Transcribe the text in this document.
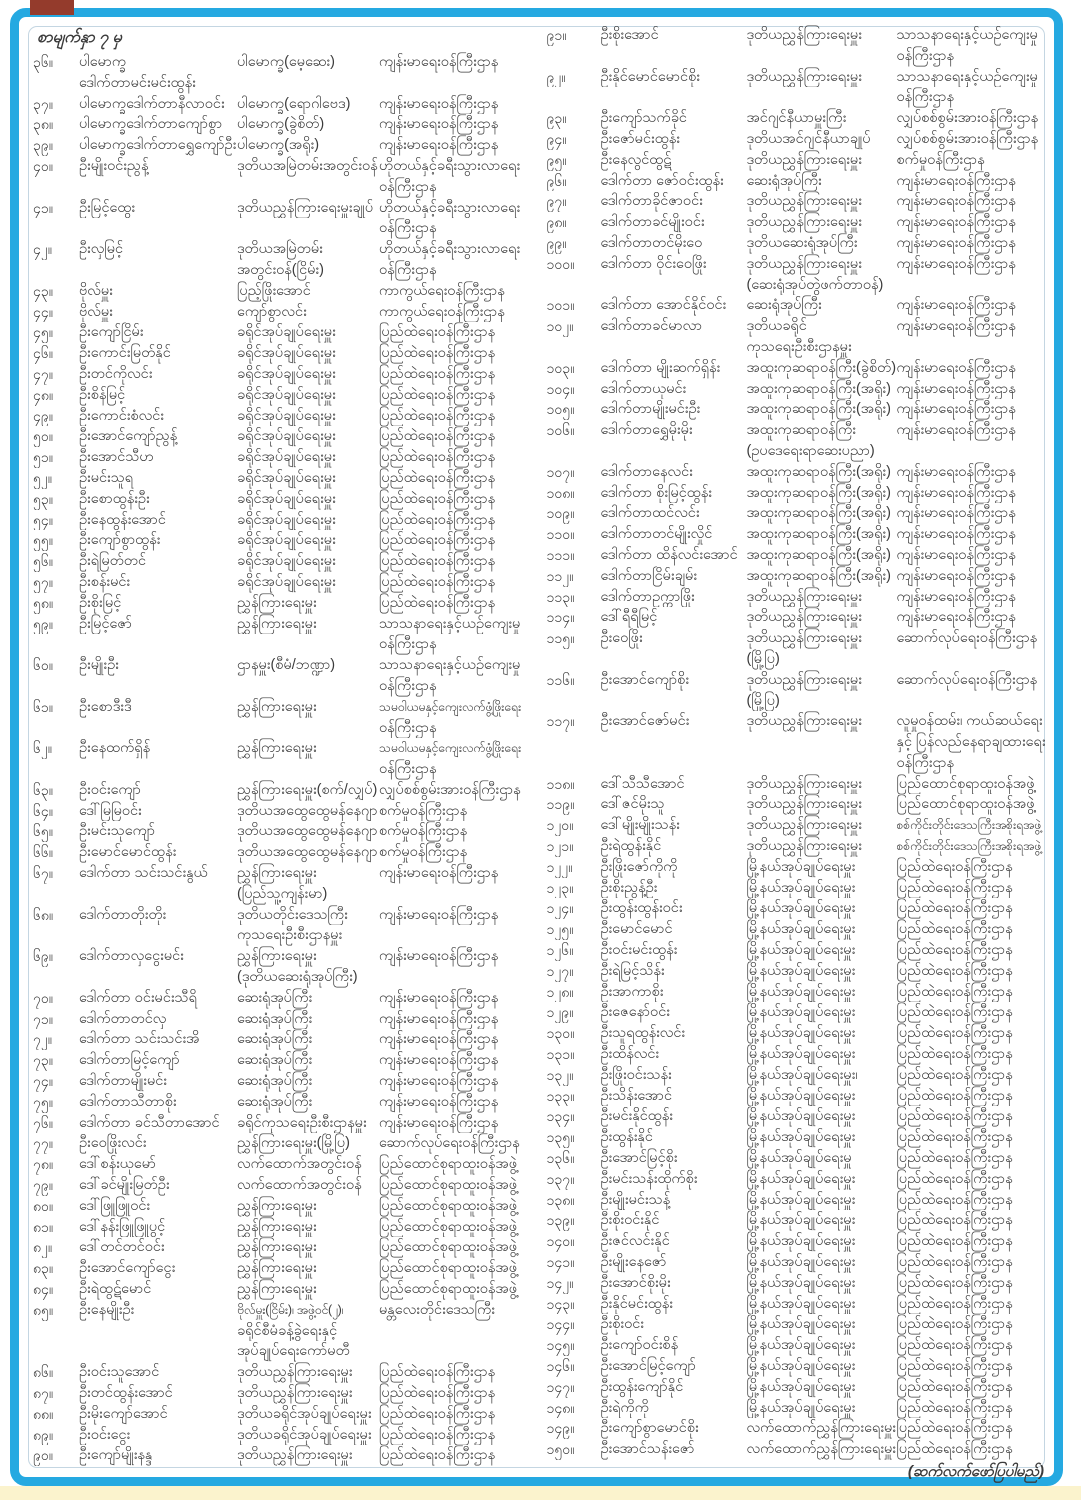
စာမျက်နှာ ၇ မှ
၃၆။	ပါမောက္ခ
ဒေါက်တာမင်းမင်းထွန်း
ပါမောက္ခ(မေ့ဆေး)	ကျန်းမာရေးဝန်ကြီးဌာန
၃၇။	ပါမောက္ခဒေါက်တာနီလာဝင်း ပါမောက္ခ(ရောဂါဗေဒ)	ကျန်းမာရေးဝန်ကြီးဌာန
၃၈။	ပါမောက္ခဒေါက်တာကျော်စွာ	ပါမောက္ခ(ခွဲစိတ်)	ကျန်းမာရေးဝန်ကြီးဌာန
၃၉။	ပါမောက္ခဒေါက်တာရွှေကျော်ဦး ပါမောက္ခ(အရိုး)	ကျန်းမာရေးဝန်ကြီးဌာန
၄၀။	ဦးမျိုးဝင်းညွန့်	ဒုတိယအမြဲတမ်းအတွင်းဝန် ဟိုတယ်နှင့်ခရီးသွားလာရေး
ဝန်ကြီးဌာန
၄၁။	ဦးမြင့်ထွေး	ဒုတိယညွှန်ကြားရေးမှူးချုပ် ဟိုတယ်နှင့်ခရီးသွားလာရေး
ဝန်ကြီးဌာန
၄၂။	ဦးလှမြင့်	ဒုတိယအမြဲတမ်း
အတွင်းဝန်(ငြိမ်း)
ဟိုတယ်နှင့်ခရီးသွားလာရေး
ဝန်ကြီးဌာန
၄၃။	ဗိုလ်မှူး	ပြည့်ဖြိုးအောင်	ကာကွယ်ရေးဝန်ကြီးဌာန
၄၄။	ဗိုလ်မှူး	ကျော်စွာလင်း	ကာကွယ်ရေးဝန်ကြီးဌာန
၄၅။	ဦးကျော်ငြိမ်း	ခရိုင်အုပ်ချုပ်ရေးမှူး	ပြည်ထဲရေးဝန်ကြီးဌာန
၄၆။	ဦးကောင်းမြတ်နိုင်	ခရိုင်အုပ်ချုပ်ရေးမှူး	ပြည်ထဲရေးဝန်ကြီးဌာန
၄၇။	ဦးတင်ကိုလင်း	ခရိုင်အုပ်ချုပ်ရေးမှူး	ပြည်ထဲရေးဝန်ကြီးဌာန
၄၈။	ဦးစိန်မြင့်	ခရိုင်အုပ်ချုပ်ရေးမှူး	ပြည်ထဲရေးဝန်ကြီးဌာန
၄၉။	ဦးကောင်းစံလင်း	ခရိုင်အုပ်ချုပ်ရေးမှူး	ပြည်ထဲရေးဝန်ကြီးဌာန
၅၀။	ဦးအောင်ကျော်ညွန့်	ခရိုင်အုပ်ချုပ်ရေးမှူး	ပြည်ထဲရေးဝန်ကြီးဌာန
၅၁။	ဦးအောင်သီဟ	ခရိုင်အုပ်ချုပ်ရေးမှူး	ပြည်ထဲရေးဝန်ကြီးဌာန
၅၂။	ဦးမင်းသူရ	ခရိုင်အုပ်ချုပ်ရေးမှူး	ပြည်ထဲရေးဝန်ကြီးဌာန
၅၃။	ဦးစောထွန်းဦး	ခရိုင်အုပ်ချုပ်ရေးမှူး	ပြည်ထဲရေးဝန်ကြီးဌာန
၅၄။	ဦးနေထွန်းအောင်	ခရိုင်အုပ်ချုပ်ရေးမှူး	ပြည်ထဲရေးဝန်ကြီးဌာန
၅၅။	ဦးကျော်စွာထွန်း	ခရိုင်အုပ်ချုပ်ရေးမှူး	ပြည်ထဲရေးဝန်ကြီးဌာန
၅၆။	ဦးရဲမြတ်တင်	ခရိုင်အုပ်ချုပ်ရေးမှူး	ပြည်ထဲရေးဝန်ကြီးဌာန
၅၇။	ဦးစန်းမင်း	ခရိုင်အုပ်ချုပ်ရေးမှူး	ပြည်ထဲရေးဝန်ကြီးဌာန
၅၈။	ဦးစိုးမြင့်	ညွှန်ကြားရေးမှူး	ပြည်ထဲရေးဝန်ကြီးဌာန
၅၉။	ဦးမြင့်ဇော်	ညွှန်ကြားရေးမှူး	သာသနာရေးနှင့်ယဉ်ကျေးမှု
ဝန်ကြီးဌာန
၆၀။	ဦးမျိုးဦး	ဌာနမှူး(စီမံ/ဘဏ္ဍာ)	သာသနာရေးနှင့်ယဉ်ကျေးမှု
ဝန်ကြီးဌာန
၆၁။	ဦးစောဒီးဒီ	ညွှန်ကြားရေးမှူး	သမဝါယမနှင့်ကျေးလက်ဖွံ့ဖြိုးရေး
ဝန်ကြီးဌာန
၆၂။	ဦးနေထက်ရှိန်	ညွှန်ကြားရေးမှူး	သမဝါယမနှင့်ကျေးလက်ဖွံ့ဖြိုးရေး
ဝန်ကြီးဌာန
၆၃။	ဦးဝင်းကျော်	ညွှန်ကြားရေးမှူး(စက်/လျှပ်) လျှပ်စစ်စွမ်းအားဝန်ကြီးဌာန
၆၄။	ဒေါ်မြမြဝင်း	ဒုတိယအထွေထွေမန်နေဂျာ စက်မှုဝန်ကြီးဌာန
၆၅။	ဦးမင်းသုကျော်	ဒုတိယအထွေထွေမန်နေဂျာ စက်မှုဝန်ကြီးဌာန
၆၆။	ဦးမောင်မောင်ထွန်း	ဒုတိယအထွေထွေမန်နေဂျာ စက်မှုဝန်ကြီးဌာန
၆၇။	ဒေါက်တာ သင်းသင်းနွယ်	ညွှန်ကြားရေးမှူး
(ပြည်သူ့ကျန်းမာ)
ကျန်းမာရေးဝန်ကြီးဌာန
၆၈။	ဒေါက်တာတိုးတိုး	ဒုတိယတိုင်းဒေသကြီး
ကုသရေးဦးစီးဌာနမှူး
ကျန်းမာရေးဝန်ကြီးဌာန
၆၉။	ဒေါက်တာလှငွေးမင်း	ညွှန်ကြားရေးမှူး
(ဒုတိယဆေးရုံအုပ်ကြီး)
ကျန်းမာရေးဝန်ကြီးဌာန
၇၀။	ဒေါက်တာ ဝင်းမင်းသီရိ	ဆေးရုံအုပ်ကြီး	ကျန်းမာရေးဝန်ကြီးဌာန
၇၁။	ဒေါက်တာတင်လှ	ဆေးရုံအုပ်ကြီး	ကျန်းမာရေးဝန်ကြီးဌာန
၇၂။	ဒေါက်တာ သင်းသင်းအိ	ဆေးရုံအုပ်ကြီး	ကျန်းမာရေးဝန်ကြီးဌာန
၇၃။	ဒေါက်တာမြင့်ကျော်	ဆေးရုံအုပ်ကြီး	ကျန်းမာရေးဝန်ကြီးဌာန
၇၄။	ဒေါက်တာမျိုးမင်း	ဆေးရုံအုပ်ကြီး	ကျန်းမာရေးဝန်ကြီးဌာန
၇၅။	ဒေါက်တာသီတာစိုး	ဆေးရုံအုပ်ကြီး	ကျန်းမာရေးဝန်ကြီးဌာန
၇၆။	ဒေါက်တာ ခင်သီတာအောင်	ခရိုင်ကုသရေးဦးစီးဌာနမှူး ကျန်းမာရေးဝန်ကြီးဌာန
၇၇။	ဦးဝေဖြိုးလင်း	ညွှန်ကြားရေးမှူး(မြို့ပြ)	ဆောက်လုပ်ရေးဝန်ကြီးဌာန
၇၈။	ဒေါ်စန်းယုမော်	လက်ထောက်အတွင်းဝန်	ပြည်ထောင်စုရာထူးဝန်အဖွဲ့
၇၉။	ဒေါ်ခင်မျိုးမြတ်ဦး	လက်ထောက်အတွင်းဝန်	ပြည်ထောင်စုရာထူးဝန်အဖွဲ့
၈၀။	ဒေါ်ဖြူဖြူဝင်း	ညွှန်ကြားရေးမှူး	ပြည်ထောင်စုရာထူးဝန်အဖွဲ့
၈၁။	ဒေါ်နန်းဖြူဖြူပွင့်	ညွှန်ကြားရေးမှူး	ပြည်ထောင်စုရာထူးဝန်အဖွဲ့
၈၂။	ဒေါ်တင်တင်ဝင်း	ညွှန်ကြားရေးမှူး	ပြည်ထောင်စုရာထူးဝန်အဖွဲ့
၈၃။	ဦးအောင်ကျော်ငွေး	ညွှန်ကြားရေးမှူး	ပြည်ထောင်စုရာထူးဝန်အဖွဲ့
၈၄။	ဦးရဲထွဋ်မောင်	ညွှန်ကြားရေးမှူး	ပြည်ထောင်စုရာထူးဝန်အဖွဲ့
၈၅။	ဦးနေမျိုးဦး	ဗိုလ်မှူး(ငြိမ်း)၊ အဖွဲ့ဝင်(၂)၊
ခရိုင်စီမံခန့်ခွဲရေးနှင့်
အုပ်ချုပ်ရေးကော်မတီ
မန္တလေးတိုင်းဒေသကြီး
၈၆။	ဦးဝင်းသူအောင်	ဒုတိယညွှန်ကြားရေးမှူး	ပြည်ထဲရေးဝန်ကြီးဌာန
၈၇။	ဦးတင်ထွန်းအောင်	ဒုတိယညွှန်ကြားရေးမှူး	ပြည်ထဲရေးဝန်ကြီးဌာန
၈၈။	ဦးမိုးကျော်အောင်	ဒုတိယခရိုင်အုပ်ချုပ်ရေးမှူး ပြည်ထဲရေးဝန်ကြီးဌာန
၈၉။	ဦးဝင်းငွေး	ဒုတိယခရိုင်အုပ်ချုပ်ရေးမှူး ပြည်ထဲရေးဝန်ကြီးဌာန
၉၀။	ဦးကျော်မျိုးနန္ဒ	ဒုတိယညွှန်ကြားရေးမှူး	ပြည်ထဲရေးဝန်ကြီးဌာန
၉၁။	ဦးစိုးအောင်	ဒုတိယညွှန်ကြားရေးမှူး	သာသနာရေးနှင့်ယဉ်ကျေးမှု
ဝန်ကြီးဌာန
၉၂။	ဦးနိုင်မောင်မောင်စိုး	ဒုတိယညွှန်ကြားရေးမှူး	သာသနာရေးနှင့်ယဉ်ကျေးမှု
ဝန်ကြီးဌာန
၉၃။	ဦးကျော်သက်ခိုင်	အင်ဂျင်နီယာမှူးကြီး	လျှပ်စစ်စွမ်းအားဝန်ကြီးဌာန
၉၄။	ဦးဇော်မင်းထွန်း	ဒုတိယအင်ဂျင်နီယာချုပ်	လျှပ်စစ်စွမ်းအားဝန်ကြီးဌာန
၉၅။	ဦးနေလွင်ထွဋ်	ဒုတိယညွှန်ကြားရေးမှူး	စက်မှုဝန်ကြီးဌာန
၉၆။	ဒေါက်တာ ဇော်ဝင်းထွန်း	ဆေးရုံအုပ်ကြီး	ကျန်းမာရေးဝန်ကြီးဌာန
၉၇။	ဒေါက်တာခိုင်ဇာဝင်း	ဒုတိယညွှန်ကြားရေးမှူး	ကျန်းမာရေးဝန်ကြီးဌာန
၉၈။	ဒေါက်တာခင်မျိုးဝင်း	ဒုတိယညွှန်ကြားရေးမှူး	ကျန်းမာရေးဝန်ကြီးဌာန
၉၉။	ဒေါက်တာတင်မိုးဝေ	ဒုတိယဆေးရုံအုပ်ကြီး	ကျန်းမာရေးဝန်ကြီးဌာန
၁၀၀။	ဒေါက်တာ ဝိုင်းဝေဖြိုး	ဒုတိယညွှန်ကြားရေးမှူး
(ဆေးရုံအုပ်တွဲဖက်တာဝန်)
ကျန်းမာရေးဝန်ကြီးဌာန
၁၀၁။	ဒေါက်တာ အောင်နိုင်ဝင်း	ဆေးရုံအုပ်ကြီး	ကျန်းမာရေးဝန်ကြီးဌာန
၁၀၂။	ဒေါက်တာခင်မာလာ	ဒုတိယခရိုင်
ကုသရေးဦးစီးဌာနမှူး
ကျန်းမာရေးဝန်ကြီးဌာန
၁၀၃။	ဒေါက်တာ မျိုးဆက်ရှိန်း	အထူးကုဆရာဝန်ကြီး(ခွဲစိတ်) ကျန်းမာရေးဝန်ကြီးဌာန
၁၀၄။	ဒေါက်တာယုမင်း	အထူးကုဆရာဝန်ကြီး(အရိုး) ကျန်းမာရေးဝန်ကြီးဌာန
၁၀၅။	ဒေါက်တာမျိုးမင်းဦး	အထူးကုဆရာဝန်ကြီး(အရိုး) ကျန်းမာရေးဝန်ကြီးဌာန
၁၀၆။	ဒေါက်တာရွှေမိုးမိုး	အထူးကုဆရာဝန်ကြီး
(ဥပဒေရေးရာဆေးပညာ)
ကျန်းမာရေးဝန်ကြီးဌာန
၁၀၇။	ဒေါက်တာနေလင်း	အထူးကုဆရာဝန်ကြီး(အရိုး) ကျန်းမာရေးဝန်ကြီးဌာန
၁၀၈။	ဒေါက်တာ စိုးမြင့်ထွန်း	အထူးကုဆရာဝန်ကြီး(အရိုး) ကျန်းမာရေးဝန်ကြီးဌာန
၁၀၉။	ဒေါက်တာထင်လင်း	အထူးကုဆရာဝန်ကြီး(အရိုး) ကျန်းမာရေးဝန်ကြီးဌာန
၁၁၀။	ဒေါက်တာတင်မျိုးလှိုင်	အထူးကုဆရာဝန်ကြီး(အရိုး) ကျန်းမာရေးဝန်ကြီးဌာန
၁၁၁။	ဒေါက်တာ ထိန်လင်းအောင် အထူးကုဆရာဝန်ကြီး(အရိုး) ကျန်းမာရေးဝန်ကြီးဌာန
၁၁၂။	ဒေါက်တာငြိမ်းချမ်း	အထူးကုဆရာဝန်ကြီး(အရိုး) ကျန်းမာရေးဝန်ကြီးဌာန
၁၁၃။	ဒေါက်တာဥက္ကာဖြိုး	ဒုတိယညွှန်ကြားရေးမှူး	ကျန်းမာရေးဝန်ကြီးဌာန
၁၁၄။	ဒေါ်ရီရီမြင့်	ဒုတိယညွှန်ကြားရေးမှူး	ကျန်းမာရေးဝန်ကြီးဌာန
၁၁၅။	ဦးဝေဖြိုး	ဒုတိယညွှန်ကြားရေးမှူး
(မြို့ပြ)
ဆောက်လုပ်ရေးဝန်ကြီးဌာန
၁၁၆။	ဦးအောင်ကျော်စိုး	ဒုတိယညွှန်ကြားရေးမှူး
(မြို့ပြ)
ဆောက်လုပ်ရေးဝန်ကြီးဌာန
၁၁၇။	ဦးအောင်ဇော်မင်း	ဒုတိယညွှန်ကြားရေးမှူး	လူမှုဝန်ထမ်း၊ ကယ်ဆယ်ရေး
နှင့် ပြန်လည်နေရာချထားရေး
ဝန်ကြီးဌာန
၁၁၈။	ဒေါ်သီသီအောင်	ဒုတိယညွှန်ကြားရေးမှူး	ပြည်ထောင်စုရာထူးဝန်အဖွဲ့
၁၁၉။	ဒေါ်ဇင်မိုးသူ	ဒုတိယညွှန်ကြားရေးမှူး	ပြည်ထောင်စုရာထူးဝန်အဖွဲ့
၁၂၀။	ဒေါ်မျိုးမျိုးသန်း	ဒုတိယညွှန်ကြားရေးမှူး	စစ်ကိုင်းတိုင်းဒေသကြီးအစိုးရအဖွဲ့
၁၂၁။	ဦးရဲထွန်းနိုင်	ဒုတိယညွှန်ကြားရေးမှူး	စစ်ကိုင်းတိုင်းဒေသကြီးအစိုးရအဖွဲ့
၁၂၂။	ဦးဖြိုးဇော်ကိုကို	မြို့နယ်အုပ်ချုပ်ရေးမှူး	ပြည်ထဲရေးဝန်ကြီးဌာန
၁၂၃။	ဦးစိုးညွန့်ဦး	မြို့နယ်အုပ်ချုပ်ရေးမှူး	ပြည်ထဲရေးဝန်ကြီးဌာန
၁၂၄။	ဦးထွန်းထွန်းဝင်း	မြို့နယ်အုပ်ချုပ်ရေးမှူး	ပြည်ထဲရေးဝန်ကြီးဌာန
၁၂၅။	ဦးမောင်မောင်	မြို့နယ်အုပ်ချုပ်ရေးမှူး	ပြည်ထဲရေးဝန်ကြီးဌာန
၁၂၆။	ဦးဝင်းမင်းထွန်း	မြို့နယ်အုပ်ချုပ်ရေးမှူး	ပြည်ထဲရေးဝန်ကြီးဌာန
၁၂၇။	ဦးရဲမြင့်သိန်း	မြို့နယ်အုပ်ချုပ်ရေးမှူး	ပြည်ထဲရေးဝန်ကြီးဌာန
၁၂၈။	ဦးအာကာစိုး	မြို့နယ်အုပ်ချုပ်ရေးမှူး	ပြည်ထဲရေးဝန်ကြီးဌာန
၁၂၉။	ဦးဇေနော်ဝင်း	မြို့နယ်အုပ်ချုပ်ရေးမှူး	ပြည်ထဲရေးဝန်ကြီးဌာန
၁၃၀။	ဦးသူရထွန်းလင်း	မြို့နယ်အုပ်ချုပ်ရေးမှူး	ပြည်ထဲရေးဝန်ကြီးဌာန
၁၃၁။	ဦးထိန်လင်း	မြို့နယ်အုပ်ချုပ်ရေးမှူး	ပြည်ထဲရေးဝန်ကြီးဌာန
၁၃၂။	ဦးဖြိုးဝင်းသန်း	မြို့နယ်အုပ်ချုပ်ရေးမှူး၊	ပြည်ထဲရေးဝန်ကြီးဌာန
၁၃၃။	ဦးသိန်းအောင်	မြို့နယ်အုပ်ချုပ်ရေးမှူး	ပြည်ထဲရေးဝန်ကြီးဌာန
၁၃၄။	ဦးမင်းနိုင်ထွန်း	မြို့နယ်အုပ်ချုပ်ရေးမှူး	ပြည်ထဲရေးဝန်ကြီးဌာန
၁၃၅။	ဦးထွန်းနိုင်	မြို့နယ်အုပ်ချုပ်ရေးမှူး	ပြည်ထဲရေးဝန်ကြီးဌာန
၁၃၆။	ဦးအောင်မြင့်စိုး	မြို့နယ်အုပ်ချုပ်ရေးမှူ	ပြည်ထဲရေးဝန်ကြီးဌာန
၁၃၇။	ဦးမင်းသန်းထိုက်စိုး	မြို့နယ်အုပ်ချုပ်ရေးမှူး	ပြည်ထဲရေးဝန်ကြီးဌာန
၁၃၈။	ဦးမျိုးမင်းသန့်	မြို့နယ်အုပ်ချုပ်ရေးမှူး	ပြည်ထဲရေးဝန်ကြီးဌာန
၁၃၉။	ဦးစိုးဝင်းနိုင်	မြို့နယ်အုပ်ချုပ်ရေးမှူး	ပြည်ထဲရေးဝန်ကြီးဌာန
၁၄၀။	ဦးဇင်လင်းနိုင်	မြို့နယ်အုပ်ချုပ်ရေးမှူး	ပြည်ထဲရေးဝန်ကြီးဌာန
၁၄၁။	ဦးမျိုးနေဇော်	မြို့နယ်အုပ်ချုပ်ရေးမှူး	ပြည်ထဲရေးဝန်ကြီးဌာန
၁၄၂။	ဦးအောင်စိုးမိုး	မြို့နယ်အုပ်ချုပ်ရေးမှူး	ပြည်ထဲရေးဝန်ကြီးဌာန
၁၄၃။	ဦးနိုင်မင်းထွန်း	မြို့နယ်အုပ်ချုပ်ရေးမှူး	ပြည်ထဲရေးဝန်ကြီးဌာန
၁၄၄။	ဦးစိုးဝင်း	မြို့နယ်အုပ်ချုပ်ရေးမှူး	ပြည်ထဲရေးဝန်ကြီးဌာန
၁၄၅။	ဦးကျော်ဝင်းစိန်	မြို့နယ်အုပ်ချုပ်ရေးမှူး	ပြည်ထဲရေးဝန်ကြီးဌာန
၁၄၆။	ဦးအောင်မြင့်ကျော်	မြို့နယ်အုပ်ချုပ်ရေးမှူး	ပြည်ထဲရေးဝန်ကြီးဌာန
၁၄၇။	ဦးထွန်းကျော်နိုင်	မြို့နယ်အုပ်ချုပ်ရေးမှူး	ပြည်ထဲရေးဝန်ကြီးဌာန
၁၄၈။	ဦးရဲကိုကို	မြို့နယ်အုပ်ချုပ်ရေးမှူး	ပြည်ထဲရေးဝန်ကြီးဌာန
၁၄၉။	ဦးကျော်စွာမောင်စိုး	လက်ထောက်ညွှန်ကြားရေးမှူး ပြည်ထဲရေးဝန်ကြီးဌာန
၁၅၀။	ဦးအောင်သန်းဇော်	လက်ထောက်ညွှန်ကြားရေးမှူး ပြည်ထဲရေးဝန်ကြီးဌာန
(ဆက်လက်ဖော်ပြပါမည်)
